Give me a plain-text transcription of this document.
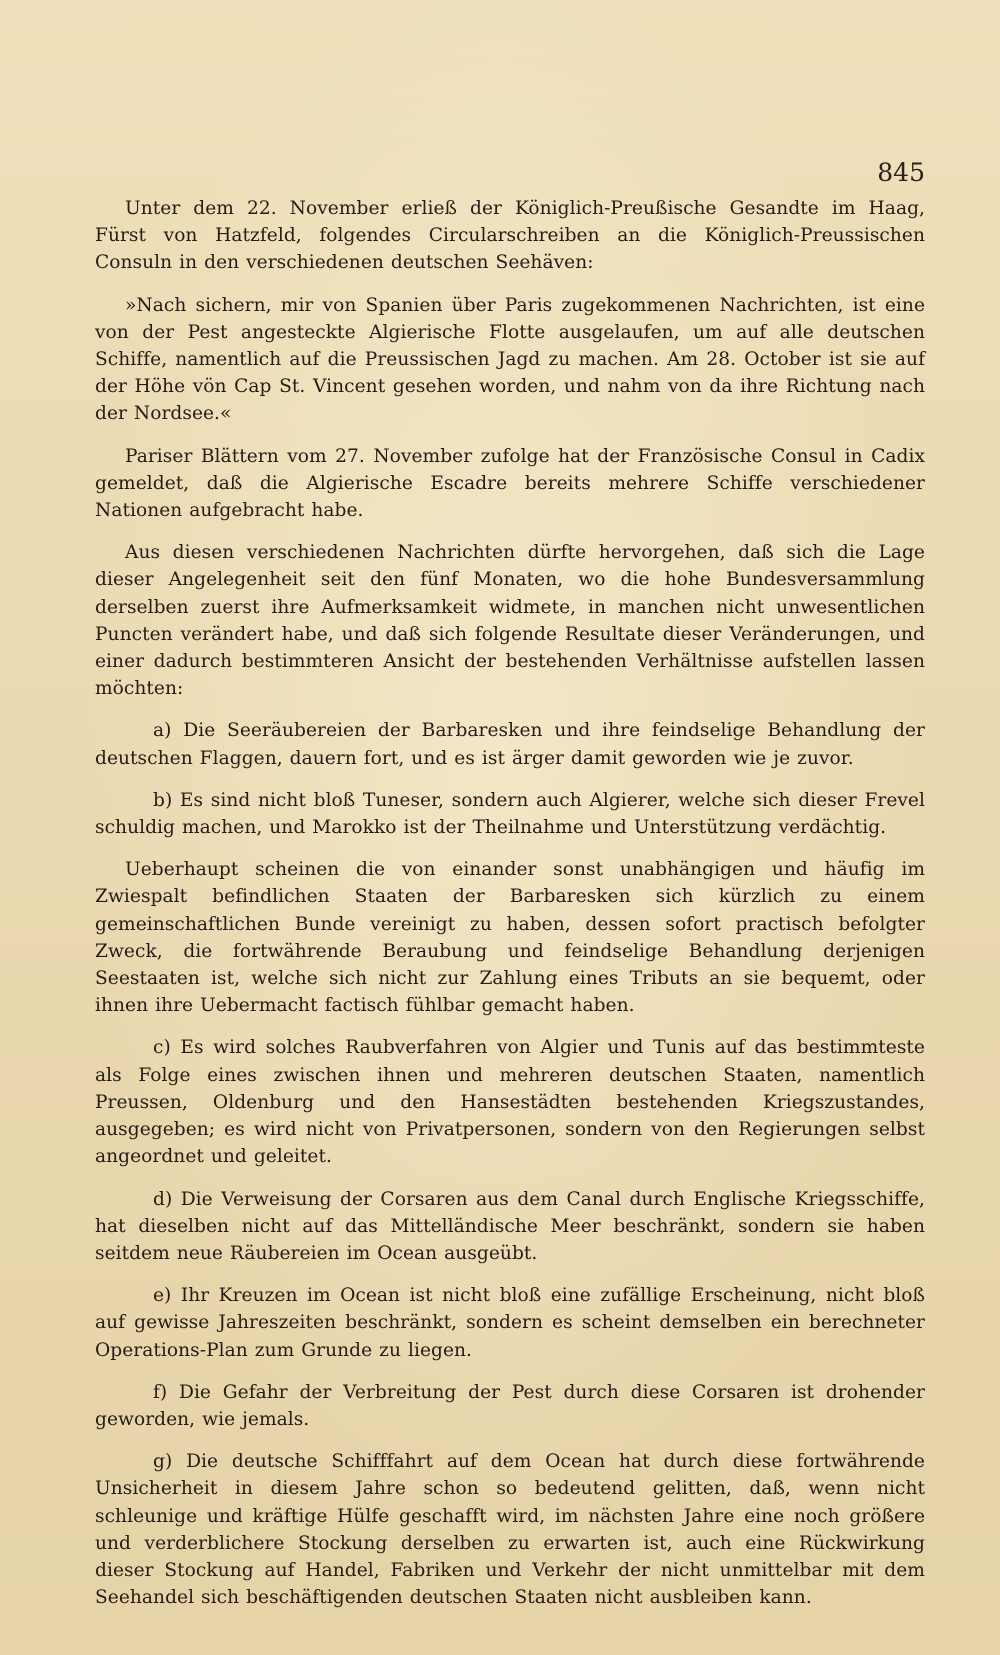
845

Unter dem 22. November erließ der Königlich-Preußische Gesandte im Haag, Fürst von Hatzfeld, folgendes Circularschreiben an die Königlich-Preussischen Consuln in den verschiedenen deutschen Seehäven:

»Nach sichern, mir von Spanien über Paris zugekommenen Nachrichten, ist eine von der Pest angesteckte Algierische Flotte ausgelaufen, um auf alle deutschen Schiffe, namentlich auf die Preussischen Jagd zu machen. Am 28. October ist sie auf der Höhe vön Cap St. Vincent gesehen worden, und nahm von da ihre Richtung nach der Nordsee.«

Pariser Blättern vom 27. November zufolge hat der Französische Consul in Cadix gemeldet, daß die Algierische Escadre bereits mehrere Schiffe verschiedener Nationen aufgebracht habe.

Aus diesen verschiedenen Nachrichten dürfte hervorgehen, daß sich die Lage dieser Angelegenheit seit den fünf Monaten, wo die hohe Bundesversammlung derselben zuerst ihre Aufmerksamkeit widmete, in manchen nicht unwesentlichen Puncten verändert habe, und daß sich folgende Resultate dieser Veränderungen, und einer dadurch bestimmteren Ansicht der bestehenden Verhältnisse aufstellen lassen möchten:

a) Die Seeräubereien der Barbaresken und ihre feindselige Behandlung der deutschen Flaggen, dauern fort, und es ist ärger damit geworden wie je zuvor.

b) Es sind nicht bloß Tuneser, sondern auch Algierer, welche sich dieser Frevel schuldig machen, und Marokko ist der Theilnahme und Unterstützung verdächtig.

Ueberhaupt scheinen die von einander sonst unabhängigen und häufig im Zwiespalt befindlichen Staaten der Barbaresken sich kürzlich zu einem gemeinschaftlichen Bunde vereinigt zu haben, dessen sofort practisch befolgter Zweck, die fortwährende Beraubung und feindselige Behandlung derjenigen Seestaaten ist, welche sich nicht zur Zahlung eines Tributs an sie bequemt, oder ihnen ihre Uebermacht factisch fühlbar gemacht haben.

c) Es wird solches Raubverfahren von Algier und Tunis auf das bestimmteste als Folge eines zwischen ihnen und mehreren deutschen Staaten, namentlich Preussen, Oldenburg und den Hansestädten bestehenden Kriegszustandes, ausgegeben; es wird nicht von Privatpersonen, sondern von den Regierungen selbst angeordnet und geleitet.

d) Die Verweisung der Corsaren aus dem Canal durch Englische Kriegsschiffe, hat dieselben nicht auf das Mittelländische Meer beschränkt, sondern sie haben seitdem neue Räubereien im Ocean ausgeübt.

e) Ihr Kreuzen im Ocean ist nicht bloß eine zufällige Erscheinung, nicht bloß auf gewisse Jahreszeiten beschränkt, sondern es scheint demselben ein berechneter Operations-Plan zum Grunde zu liegen.

f) Die Gefahr der Verbreitung der Pest durch diese Corsaren ist drohender geworden, wie jemals.

g) Die deutsche Schifffahrt auf dem Ocean hat durch diese fortwährende Unsicherheit in diesem Jahre schon so bedeutend gelitten, daß, wenn nicht schleunige und kräftige Hülfe geschafft wird, im nächsten Jahre eine noch größere und verderblichere Stockung derselben zu erwarten ist, auch eine Rückwirkung dieser Stockung auf Handel, Fabriken und Verkehr der nicht unmittelbar mit dem Seehandel sich beschäftigenden deutschen Staaten nicht ausbleiben kann.
